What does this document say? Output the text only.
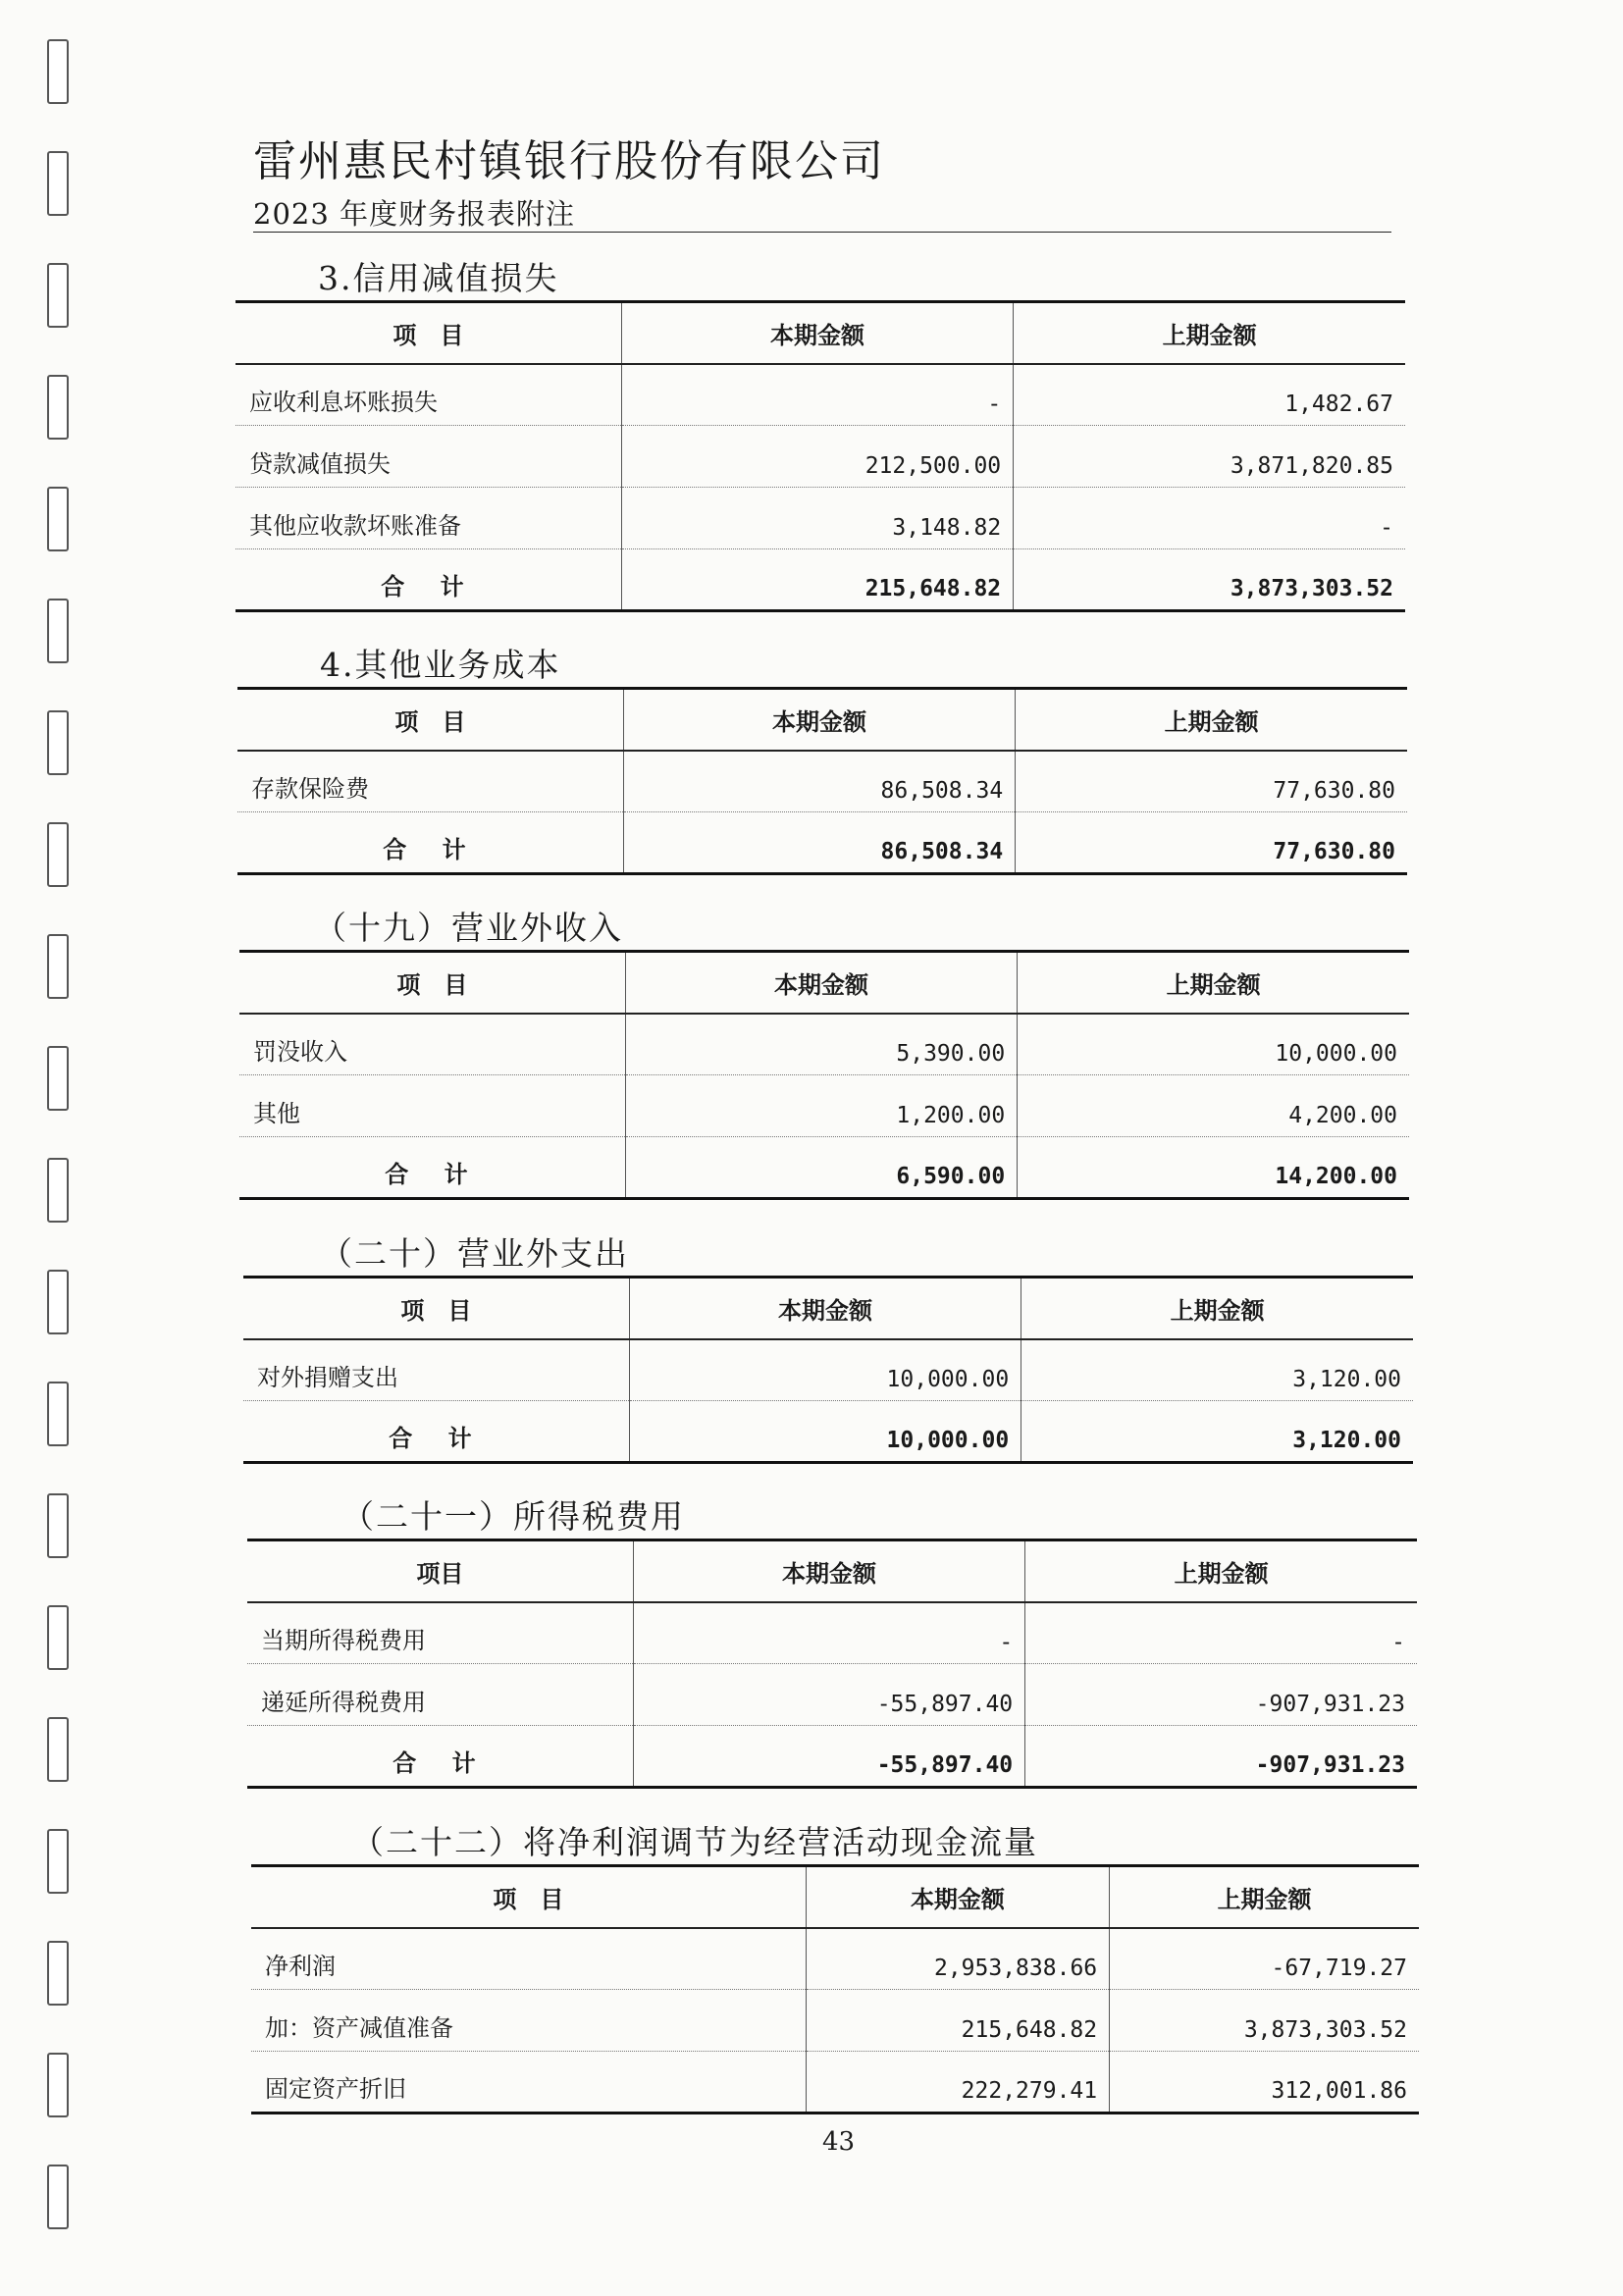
雷州惠民村镇银行股份有限公司
2023 年度财务报表附注
3.信用减值损失
项　目	本期金额	上期金额
应收利息坏账损失	-	1,482.67
贷款减值损失	212,500.00	3,871,820.85
其他应收款坏账准备	3,148.82	-
合 计	215,648.82	3,873,303.52
4.其他业务成本
项　目	本期金额	上期金额
存款保险费	86,508.34	77,630.80
合 计	86,508.34	77,630.80
（十九）营业外收入
项　目	本期金额	上期金额
罚没收入	5,390.00	10,000.00
其他	1,200.00	4,200.00
合 计	6,590.00	14,200.00
（二十）营业外支出
项　目	本期金额	上期金额
对外捐赠支出	10,000.00	3,120.00
合 计	10,000.00	3,120.00
（二十一）所得税费用
项目	本期金额	上期金额
当期所得税费用	-	-
递延所得税费用	-55,897.40	-907,931.23
合 计	-55,897.40	-907,931.23
（二十二）将净利润调节为经营活动现金流量
项　目	本期金额	上期金额
净利润	2,953,838.66	-67,719.27
加：资产减值准备	215,648.82	3,873,303.52
固定资产折旧	222,279.41	312,001.86
43
